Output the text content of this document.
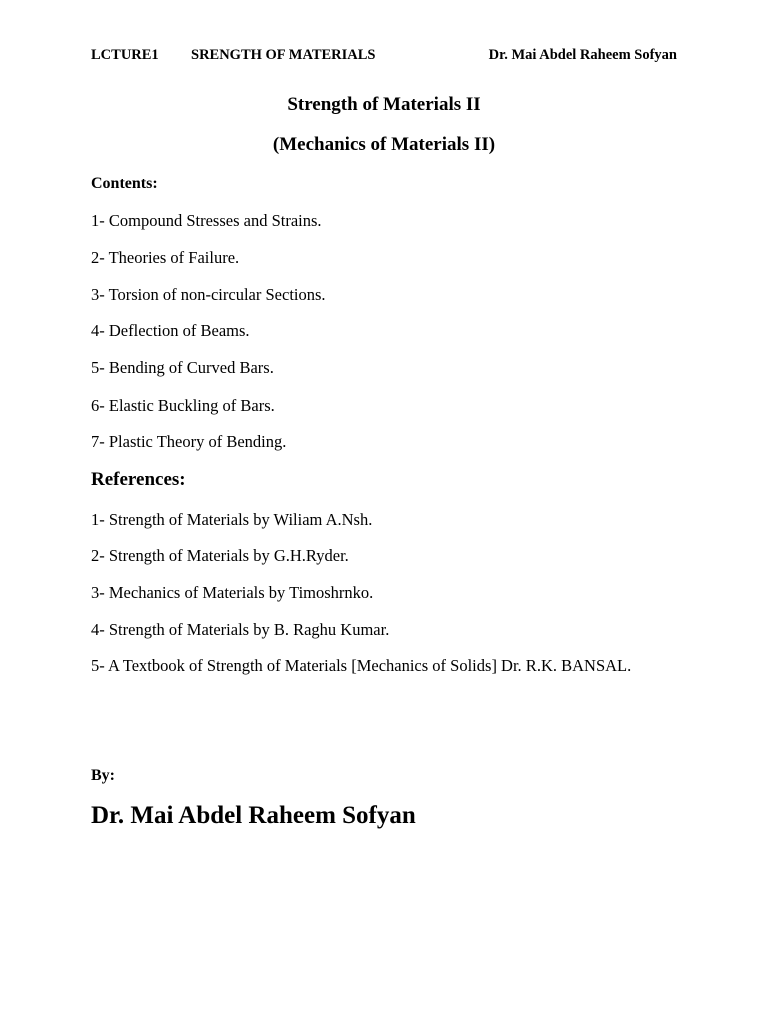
LCTURE1 SRENGTH OF MATERIALS	Dr. Mai Abdel Raheem Sofyan
Strength of Materials II
(Mechanics of Materials II)
Contents:
1- Compound Stresses and Strains.
2- Theories of Failure.
3- Torsion of non-circular Sections.
4- Deflection of Beams.
5- Bending of Curved Bars.
6- Elastic Buckling of Bars.
7- Plastic Theory of Bending.
References:
1- Strength of Materials by Wiliam A.Nsh.
2- Strength of Materials by G.H.Ryder.
3- Mechanics of Materials by Timoshrnko.
4- Strength of Materials by B. Raghu Kumar.
5- A Textbook of Strength of Materials [Mechanics of Solids] Dr. R.K. BANSAL.
By:
Dr. Mai Abdel Raheem Sofyan
